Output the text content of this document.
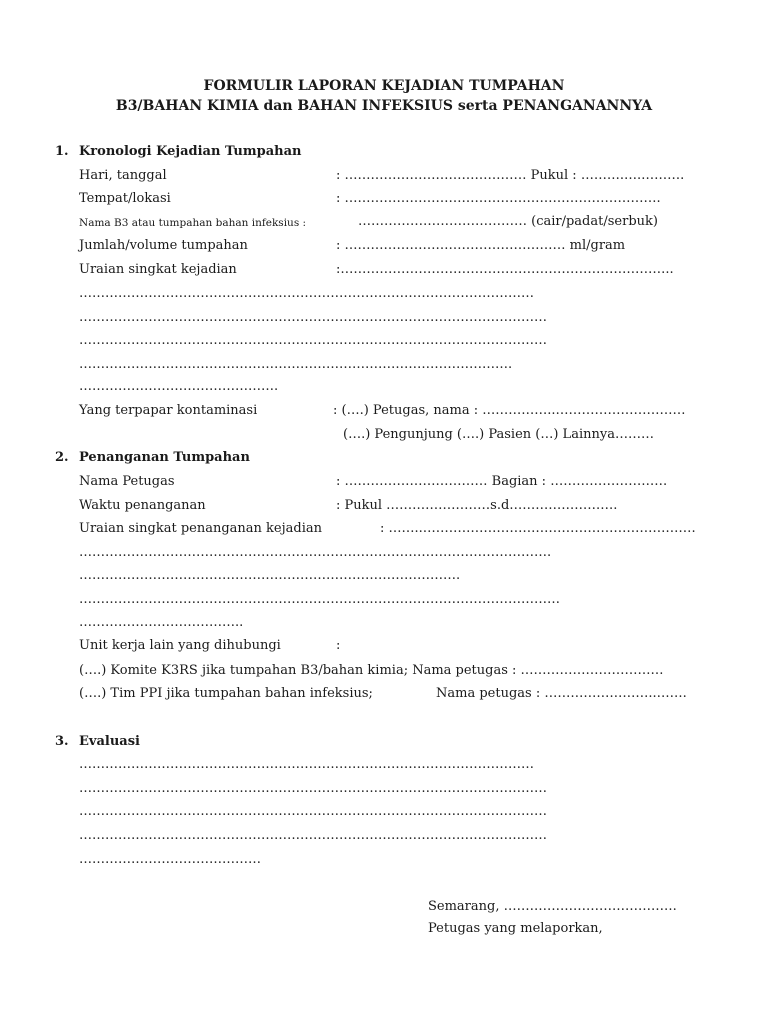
FORMULIR LAPORAN KEJADIAN TUMPAHAN
B3/BAHAN KIMIA dan BAHAN INFEKSIUS serta PENANGANANNYA
1. Kronologi Kejadian Tumpahan
Hari, tanggal	: …………………………………… Pukul : ……….….……….
Tempat/lokasi	: ……………………………………………………………….
Nama B3 atau tumpahan bahan infeksius :	………………………………… (cair/padat/serbuk)
Jumlah/volume tumpahan	: …………………………………………… ml/gram
Uraian singkat kejadian	:…………………………………………………………………..
……………………………………………………………………………………………
………………………………………………………………………………………………
………………………………………………………………………………………………
……………………………………………………………………………………….
……………………………………….
Yang terpapar kontaminasi	: (….) Petugas, nama : ……………..…………………………
(….) Pengunjung (….) Pasien (…) Lainnya………
2. Penanganan Tumpahan
Nama Petugas	: …………………………… Bagian : ………………………
Waktu penanganan	: Pukul ……………………s.d…………………….
Uraian singkat penanganan kejadian	: ……..………………………………………………………
……………………………………………………………………………………………….
…………………………………………………………………………….
…………………………………………………………………………………………………
………………………………..
Unit kerja lain yang dihubungi	:
(….) Komite K3RS jika tumpahan B3/bahan kimia; Nama petugas : ……………………………
(….) Tim PPI jika tumpahan bahan infeksius;	Nama petugas : ……………………..…….
3. Evaluasi
……………………………………………………………………………………………
………………………………………………………………………………………………
………………………………………………………………………………………………
………………………………………………………………………………………………
……………………………………
Semarang, ………………………………….
Petugas yang melaporkan,
